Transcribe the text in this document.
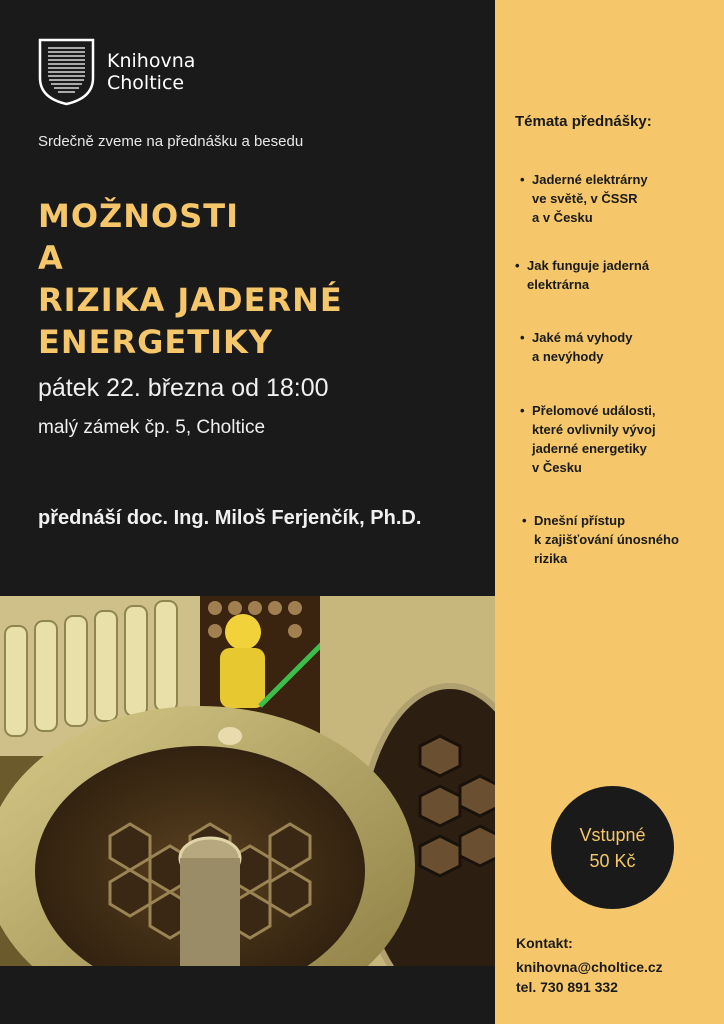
Knihovna
Choltice
Srdečně zveme na přednášku a besedu
MOŽNOSTI
A
RIZIKA JADERNÉ
ENERGETIKY
pátek 22. března od 18:00
malý zámek čp. 5, Choltice
přednáší doc. Ing. Miloš Ferjenčík, Ph.D.
Témata přednášky:
• Jaderné elektrárny
ve světě, v ČSSR
a v Česku
• Jak funguje jaderná
elektrárna
• Jaké má vyhody
a nevýhody
• Přelomové události,
které ovlivnily vývoj
jaderné energetiky
v Česku
• Dnešní přístup
k zajišťování únosného
rizika
Vstupné
50 Kč
Kontakt:
knihovna@choltice.cz
tel. 730 891 332
